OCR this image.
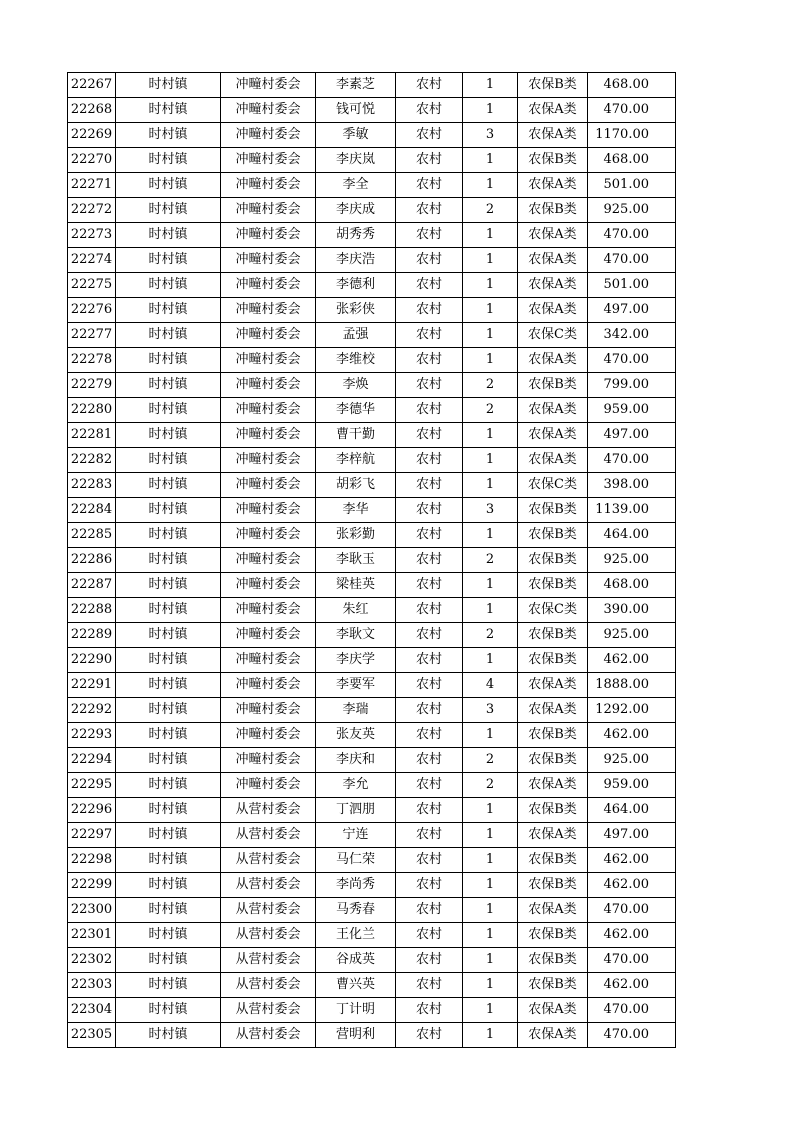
22267	时村镇	冲疃村委会	李素芝	农村	1	农保B类	468.00
22268	时村镇	冲疃村委会	钱可悦	农村	1	农保A类	470.00
22269	时村镇	冲疃村委会	季敏	农村	3	农保A类	1170.00
22270	时村镇	冲疃村委会	李庆岚	农村	1	农保B类	468.00
22271	时村镇	冲疃村委会	李全	农村	1	农保A类	501.00
22272	时村镇	冲疃村委会	李庆成	农村	2	农保B类	925.00
22273	时村镇	冲疃村委会	胡秀秀	农村	1	农保A类	470.00
22274	时村镇	冲疃村委会	李庆浩	农村	1	农保A类	470.00
22275	时村镇	冲疃村委会	李德利	农村	1	农保A类	501.00
22276	时村镇	冲疃村委会	张彩侠	农村	1	农保A类	497.00
22277	时村镇	冲疃村委会	孟强	农村	1	农保C类	342.00
22278	时村镇	冲疃村委会	李维校	农村	1	农保A类	470.00
22279	时村镇	冲疃村委会	李焕	农村	2	农保B类	799.00
22280	时村镇	冲疃村委会	李德华	农村	2	农保A类	959.00
22281	时村镇	冲疃村委会	曹干勤	农村	1	农保A类	497.00
22282	时村镇	冲疃村委会	李梓航	农村	1	农保A类	470.00
22283	时村镇	冲疃村委会	胡彩飞	农村	1	农保C类	398.00
22284	时村镇	冲疃村委会	李华	农村	3	农保B类	1139.00
22285	时村镇	冲疃村委会	张彩勤	农村	1	农保B类	464.00
22286	时村镇	冲疃村委会	李耿玉	农村	2	农保B类	925.00
22287	时村镇	冲疃村委会	梁桂英	农村	1	农保B类	468.00
22288	时村镇	冲疃村委会	朱红	农村	1	农保C类	390.00
22289	时村镇	冲疃村委会	李耿文	农村	2	农保B类	925.00
22290	时村镇	冲疃村委会	李庆学	农村	1	农保B类	462.00
22291	时村镇	冲疃村委会	李要军	农村	4	农保A类	1888.00
22292	时村镇	冲疃村委会	李瑞	农村	3	农保A类	1292.00
22293	时村镇	冲疃村委会	张友英	农村	1	农保B类	462.00
22294	时村镇	冲疃村委会	李庆和	农村	2	农保B类	925.00
22295	时村镇	冲疃村委会	李允	农村	2	农保A类	959.00
22296	时村镇	从营村委会	丁泗朋	农村	1	农保B类	464.00
22297	时村镇	从营村委会	宁连	农村	1	农保A类	497.00
22298	时村镇	从营村委会	马仁荣	农村	1	农保B类	462.00
22299	时村镇	从营村委会	李尚秀	农村	1	农保B类	462.00
22300	时村镇	从营村委会	马秀春	农村	1	农保A类	470.00
22301	时村镇	从营村委会	王化兰	农村	1	农保B类	462.00
22302	时村镇	从营村委会	谷成英	农村	1	农保B类	470.00
22303	时村镇	从营村委会	曹兴英	农村	1	农保B类	462.00
22304	时村镇	从营村委会	丁计明	农村	1	农保A类	470.00
22305	时村镇	从营村委会	营明利	农村	1	农保A类	470.00
